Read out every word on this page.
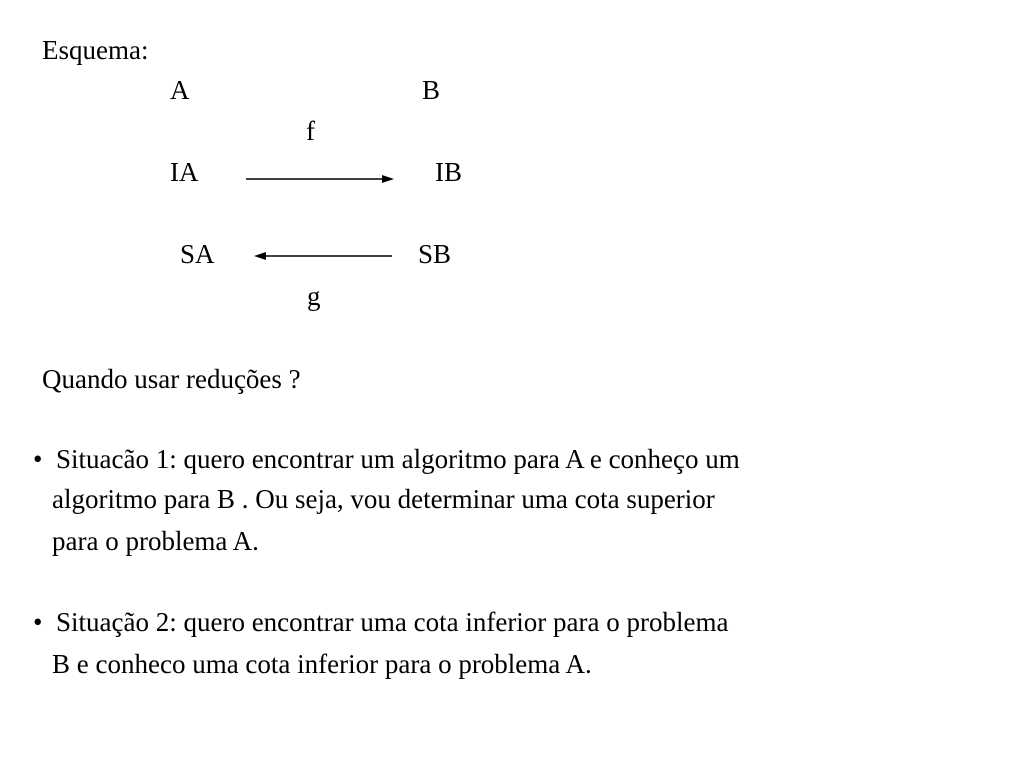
Esquema:
A	B
f
IA	IB
SA	SB
g
Quando usar reduções ?
• Situacão 1: quero encontrar um algoritmo para A e conheço um
algoritmo para B . Ou seja, vou determinar uma cota superior
para o problema A.
• Situação 2: quero encontrar uma cota inferior para o problema
B e conheco uma cota inferior para o problema A.
